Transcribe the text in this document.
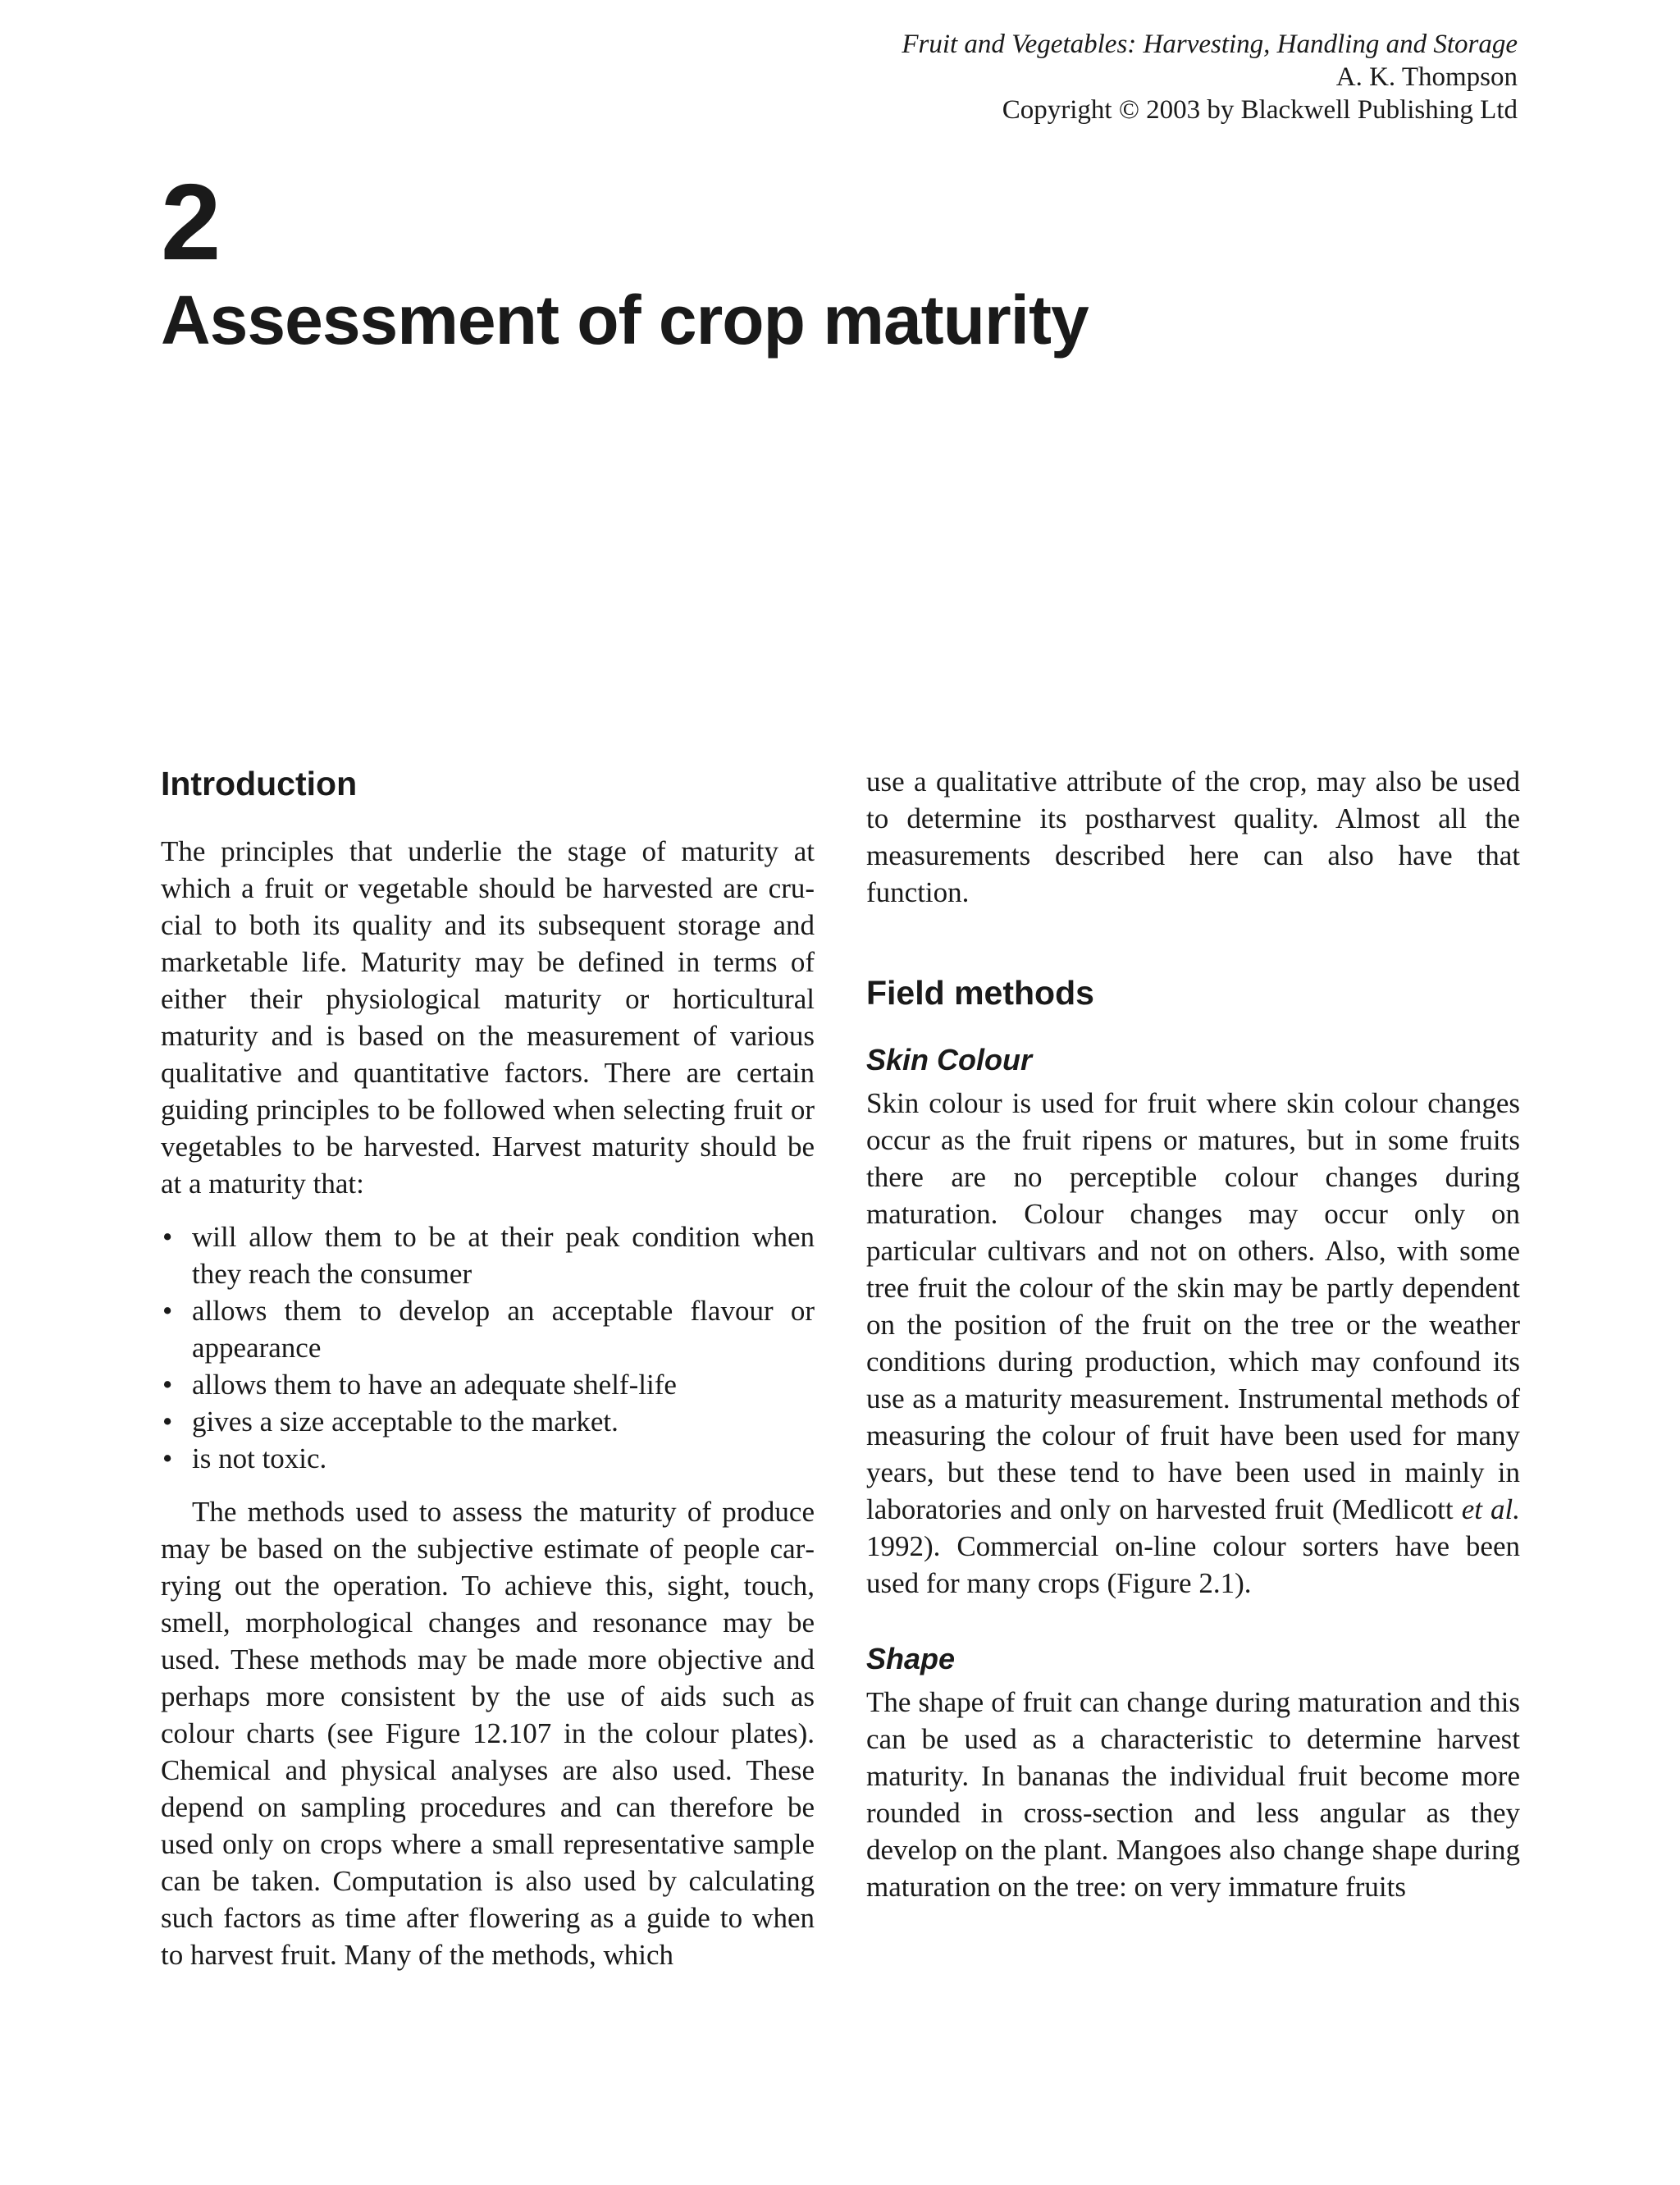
Fruit and Vegetables: Harvesting, Handling and Storage
A. K. Thompson
Copyright © 2003 by Blackwell Publishing Ltd
2
Assessment of crop maturity
Introduction

The principles that underlie the stage of maturity at which a fruit or vegetable should be harvested are crucial to both its quality and its subsequent storage and marketable life. Maturity may be defined in terms of either their physiological maturity or horticultural maturity and is based on the measurement of various qualitative and quantitative factors. There are certain guiding principles to be followed when selecting fruit or vegetables to be harvested. Harvest maturity should be at a maturity that:

• will allow them to be at their peak condition when they reach the consumer
• allows them to develop an acceptable flavour or appearance
• allows them to have an adequate shelf-life
• gives a size acceptable to the market.
• is not toxic.

The methods used to assess the maturity of produce may be based on the subjective estimate of people carrying out the operation. To achieve this, sight, touch, smell, morphological changes and resonance may be used. These methods may be made more objective and perhaps more consistent by the use of aids such as colour charts (see Figure 12.107 in the colour plates). Chemical and physical analyses are also used. These depend on sampling procedures and can therefore be used only on crops where a small representative sample can be taken. Computation is also used by calculating such factors as time after flowering as a guide to when to harvest fruit. Many of the methods, which

use a qualitative attribute of the crop, may also be used to determine its postharvest quality. Almost all the measurements described here can also have that function.

Field methods
Skin Colour

Skin colour is used for fruit where skin colour changes occur as the fruit ripens or matures, but in some fruits there are no perceptible colour changes during maturation. Colour changes may occur only on particular cultivars and not on others. Also, with some tree fruit the colour of the skin may be partly dependent on the position of the fruit on the tree or the weather conditions during production, which may confound its use as a maturity measurement. Instrumental methods of measuring the colour of fruit have been used for many years, but these tend to have been used in mainly in laboratories and only on harvested fruit (Medlicott et al. 1992). Commercial on-line colour sorters have been used for many crops (Figure 2.1).

Shape

The shape of fruit can change during maturation and this can be used as a characteristic to determine harvest maturity. In bananas the individual fruit become more rounded in cross-section and less angular as they develop on the plant. Mangoes also change shape during maturation on the tree: on very immature fruits
